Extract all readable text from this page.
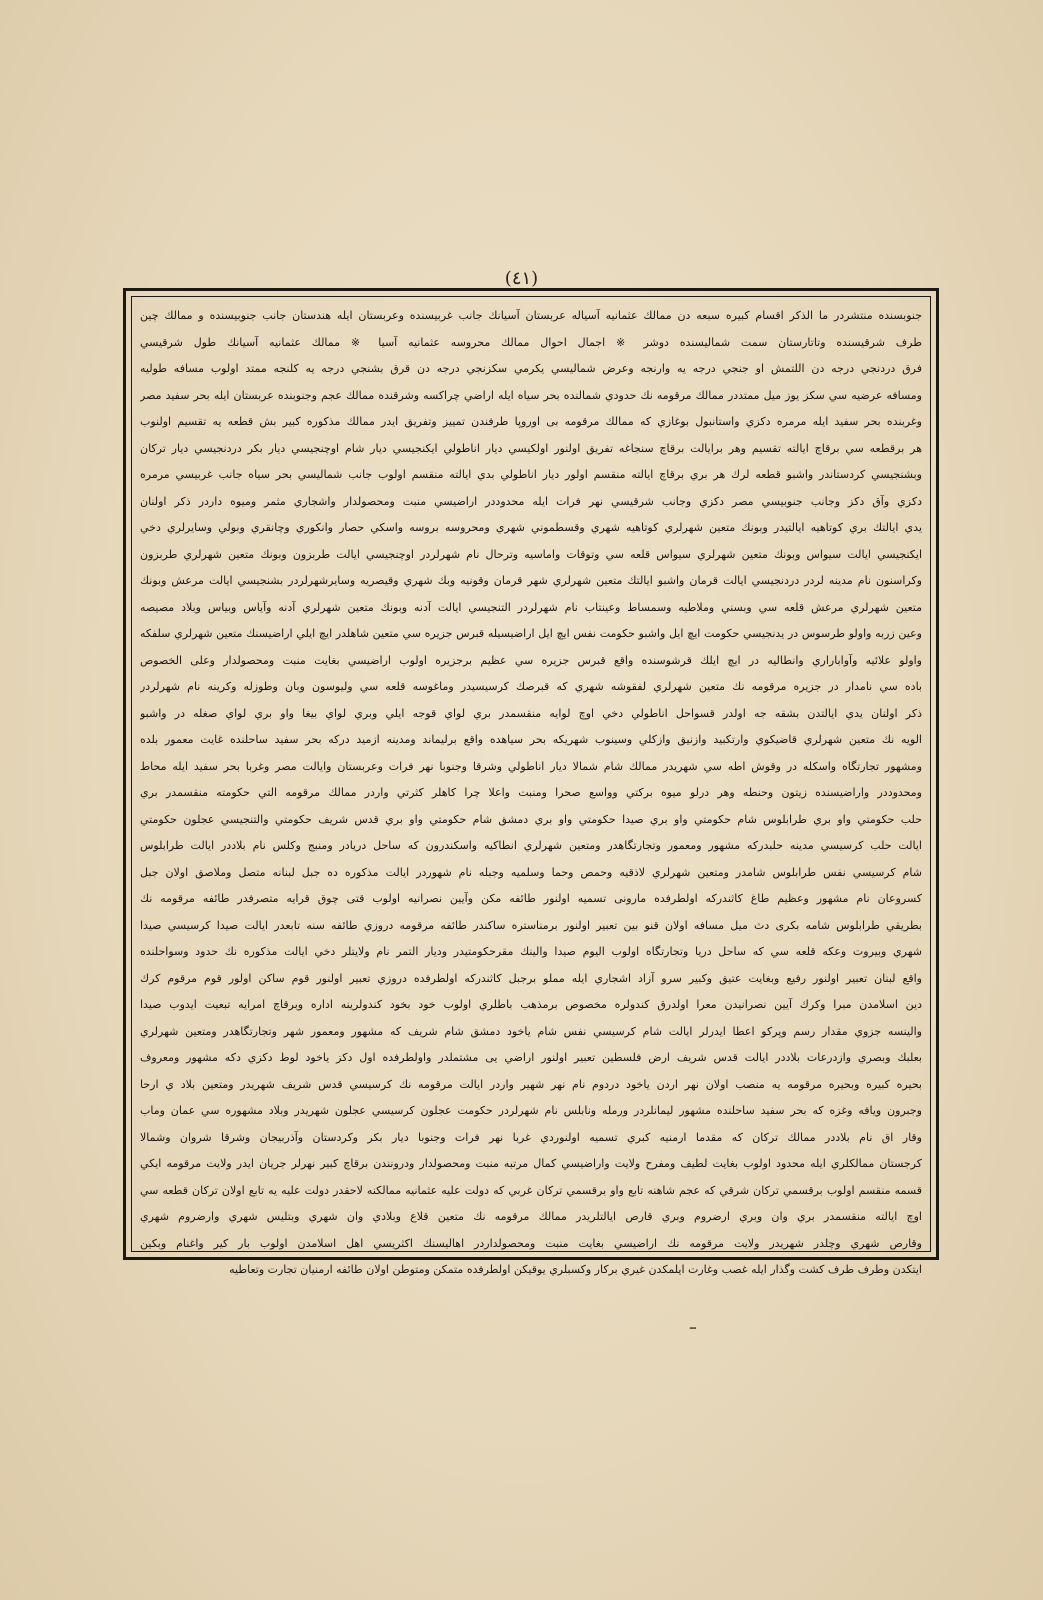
(٤١)
جنوبسنده منتشردر ما الذكر اقسام كبيره سبعه دن ممالك عثمانيه آسياله عربستان آسيانك جانب غربيسنده وعربستان ايله هندستان جانب جنوبيسنده و ممالك چين
طرف شرقيسنده وتاتارستان سمت شماليسنده دوشر ※ اجمال احوال ممالك محروسه عثمانيه آسيا ※ ممالك عثمانيه آسيانك طول شرقيسي
فرق دردنجي درجه دن اللتمش او جنجي درجه يه وارنجه وعرض شماليسي يكرمي سكزنجي درجه دن قرق بشنجي درجه يه كلنجه ممتد اولوب مسافه طوليه
ومسافه عرضيه سي سكز يوز ميل ممتددر ممالك مرقومه نك حدودي شمالنده بحر سياه ايله اراضي چراكسه وشرقنده ممالك عجم وجنوبنده عربستان ايله بحر سفيد مصر
وغربنده بحر سفيد ايله مرمره دكزي واستانبول بوغازي كه ممالك مرقومه بى اوروپا طرفندن تمييز وتفريق ايدر ممالك مذكوره كبير بش قطعه يه تقسيم اولنوب
هر برقطعه سي برقاچ ايالته تقسيم وهر برايالت برقاچ سنجاغه تفريق اولنور اولكيسي ديار اناطولي ايكنجيسي ديار شام اوچنجيسي ديار بكر دردنجيسي ديار تركان
وبشنجيسي كردستاندر واشبو قطعه لرك هر بري برقاچ ايالته منقسم اولور ديار اناطولي بدي ايالته منقسم اولوب جانب شماليسي بحر سياه جانب غربيسي مرمره
دكزي وآق دكز وجانب جنوبيسي مصر دكزي وجانب شرقيسي نهر فرات ايله محدوددر اراضيسي منبت ومحصولدار واشجاري مثمر وميوه داردر ذكر اولنان
يدي ايالتك بري كوتاهيه ايالتيدر وبونك متعين شهرلري كوتاهيه شهري وقسطموني شهري ومحروسه بروسه واسكي حصار وانكوري وچانقري وبولي وسايرلري دخي
ايكنجيسي ايالت سيواس وبونك متعين شهرلري سيواس قلعه سي وتوقات واماسيه وترحال نام شهرلردر اوچنجيسي ايالت طربزون وبونك متعين شهرلري طربزون
وكراسنون نام مدينه لردر دردنجيسي ايالت قرمان واشبو ايالتك متعين شهرلري شهر قرمان وقونيه وبك شهري وقيصريه وسايرشهرلردر بشنجيسي ايالت مرعش وبونك
متعين شهرلري مرعش قلعه سي وبسني وملاطيه وسمساط وعينتاب نام شهرلردر التنجيسي ايالت آدنه وبونك متعين شهرلري آدنه وآياس وبياس وبلاد مصيصه
وعين زربه واولو طرسوس در يدنجيسي حكومت ايچ ايل واشبو حكومت نفس ايچ ايل اراضيسيله قبرس جزيره سي متعين شاهلدر ايچ ايلي اراضيسنك متعين شهرلري سلفكه
واولو علائيه وآواباراري وانطاليه در ايچ ايلك قرشوسنده واقع قبرس جزيره سي عظيم برجزيره اولوب اراضيسي بغايت منبت ومحصولدار وعلى الخصوص
باده سي نامدار در جزيره مرقومه نك متعين شهرلري لفقوشه شهري كه قبرصك كرسيسيدر وماغوسه قلعه سي وليوسون وبان وطوزله وكرينه نام شهرلردر
ذكر اولنان يدي ايالتدن بشقه جه اولدر قسواحل اناطولي دخي اوچ لوايه منقسمدر بري لواي قوجه ايلي وبري لواي بيغا واو بري لواي صغله در واشبو
الويه نك متعين شهرلري قاضيكوي وارتكبيد وازنيق وازكلي وسينوب شهريكه بحر سياهده واقع برليماند ومدينه ازميد دركه بحر سفيد ساحلنده غايت معمور بلده
ومشهور تجارتگاه واسكله در وقوش اطه سي شهريدر ممالك شام شمالا ديار اناطولي وشرقا وجنوبا نهر فرات وعربستان وايالت مصر وغربا بحر سفيد ايله محاط
ومحدوددر واراضيسنده زيتون وحنطه وهر درلو ميوه بركتي وواسع صحرا ومنبت واعلا چرا كاهلر كثرتي واردر ممالك مرقومه التي حكومته منقسمدر بري
حلب حكومتي واو بري طرابلوس شام حكومتي واو بري صيدا حكومتي واو بري دمشق شام حكومتي واو بري قدس شريف حكومتي والتنجيسي عجلون حكومتي
ايالت حلب كرسيسي مدينه حلبدركه مشهور ومعمور وتجارتگاهدر ومتعين شهرلري انطاكيه واسكندرون كه ساحل دريادر ومنبج وكلس نام بلاددر ايالت طرابلوس
شام كرسيسي نفس طرابلوس شامدر ومتعين شهرلري لاذقيه وحمص وحما وسلميه وجبله نام شهوردر ايالت مذكوره ده جبل لبنانه متصل وملاصق اولان جبل
كسروعان نام مشهور وعظيم طاغ كاثندركه اولطرفده مارونى تسميه اولنور طائفه مكن وآيين نصرانيه اولوب قتى چوق قرايه متصرفدر طائفه مرقومه نك
بطريقي طرابلوس شامه بكرى دث ميل مسافه اولان قنو بين تعبير اولنور برمناستره ساكندر طائفه مرقومه دروزي طائفه سنه تابعدر ايالت صيدا كرسيسي صيدا
شهري وبيروت وعكه قلعه سي كه ساحل دريا وتجارتگاه اولوب اليوم صيدا والينك مقرحكومتيدر وديار التمر نام ولايتلر دخي ايالت مذكوره نك حدود وسواحلنده
واقع لبنان تعبير اولنور رفيع وبغايت عتيق وكبير سرو آزاد اشجاري ايله مملو برجبل كاثندركه اولطرفده دروزي تعبير اولنور قوم ساكن اولور قوم مرقوم كرك
دين اسلامدن مبرا وكرك آيين نصرانيدن معرا اولدرق كندولره مخصوص برمذهب باطلري اولوب خود بخود كندولرينه اداره وبرقاچ امرايه تبعيت ايدوب صيدا
والينسه جزوي مقدار رسم وپركو اعطا ايدرلر ايالت شام كرسيسي نفس شام ياخود دمشق شام شريف كه مشهور ومعمور شهر وتجارتگاهدر ومتعين شهرلري
بعلبك وبصري وازدرعات بلاددر ايالت قدس شريف ارض فلسطين تعبير اولنور اراضي يى مشتملدر واولطرفده اول دكز ياخود لوط دكزي دكه مشهور ومعروف
بحيره كبيره وبحيره مرقومه يه منصب اولان نهر اردن ياخود دردوم نام نهر شهير واردر ايالت مرقومه نك كرسيسي قدس شريف شهريدر ومتعين بلاد ي ارحا
وجبرون ويافه وغزه كه بحر سفيد ساحلنده مشهور ليمانلردر ورمله ونابلس نام شهرلردر حكومت عجلون كرسيسي عجلون شهريدر وبلاد مشهوره سي عمان وماب
وقار اق نام بلاددر ممالك تركان كه مقدما ارمنيه كبري تسميه اولنوردي غربا نهر فرات وجنوبا ديار بكر وكردستان وآذربيجان وشرقا شروان وشمالا
كرجستان ممالكلري ايله محدود اولوب بغايت لطيف ومفرح ولايت واراضيسي كمال مرتبه منبت ومحصولدار ودرونندن برقاچ كبير نهرلر جريان ايدر ولايت مرقومه ايكي
قسمه منقسم اولوب برقسمي تركان شرقي كه عجم شاهنه تابع واو برقسمي تركان غربي كه دولت عليه عثمانيه ممالكنه لاحقدر دولت عليه يه تابع اولان تركان قطعه سي
اوچ ايالته منقسمدر بري وان وبري ارضروم وبري قارص ايالتلريدر ممالك مرقومه نك متعين قلاع وبلادي وان شهري وبتليس شهري وارضروم شهري
وقارص شهري وچلدر شهريدر ولايت مرقومه نك اراضيسي بغايت منبت ومحصولداردر اهاليسنك اكثريسي اهل اسلامدن اولوب بار كير واغنام وبكين
ايتكدن وطرف طرف كشت وگذار ايله غصب وغارت ايلمكدن غيري بركار وكسبلري يوقيكن اولطرفده متمكن ومتوطن اولان طائفه ارمنيان تجارت وتعاطيه
ـ
